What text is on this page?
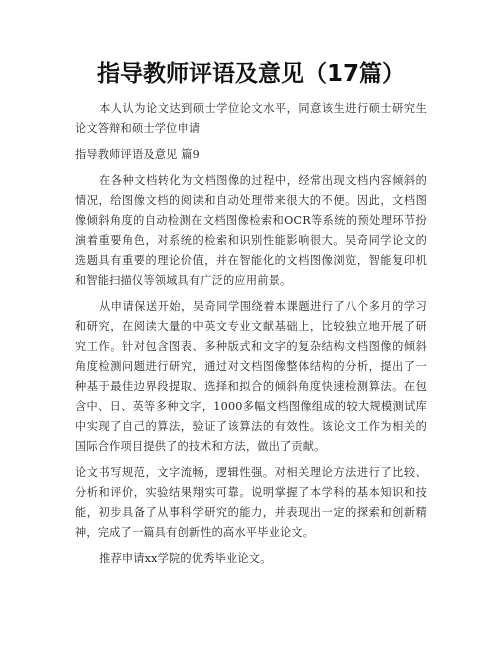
指导教师评语及意见（17篇）

本人认为论文达到硕士学位论文水平，同意该生进行硕士研究生论文答辩和硕士学位申请

指导教师评语及意见 篇9

在各种文档转化为文档图像的过程中，经常出现文档内容倾斜的情况，给图像文档的阅读和自动处理带来很大的不便。因此，文档图像倾斜角度的自动检测在文档图像检索和OCR等系统的预处理环节扮演着重要角色，对系统的检索和识别性能影响很大。吴奇同学论文的选题具有重要的理论价值，并在智能化的文档图像浏览，智能复印机和智能扫描仪等领域具有广泛的应用前景。

从申请保送开始，吴奇同学围绕着本课题进行了八个多月的学习和研究，在阅读大量的中英文专业文献基础上，比较独立地开展了研究工作。针对包含图表、多种版式和文字的复杂结构文档图像的倾斜角度检测问题进行研究，通过对文档图像整体结构的分析，提出了一种基于最佳边界段提取、选择和拟合的倾斜角度快速检测算法。在包含中、日、英等多种文字，1000多幅文档图像组成的较大规模测试库中实现了自己的算法，验证了该算法的有效性。该论文工作为相关的国际合作项目提供了的技术和方法，做出了贡献。

论文书写规范，文字流畅，逻辑性强。对相关理论方法进行了比较、分析和评价，实验结果翔实可靠。说明掌握了本学科的基本知识和技能，初步具备了从事科学研究的能力，并表现出一定的探索和创新精神，完成了一篇具有创新性的高水平毕业论文。

推荐申请xx学院的优秀毕业论文。
